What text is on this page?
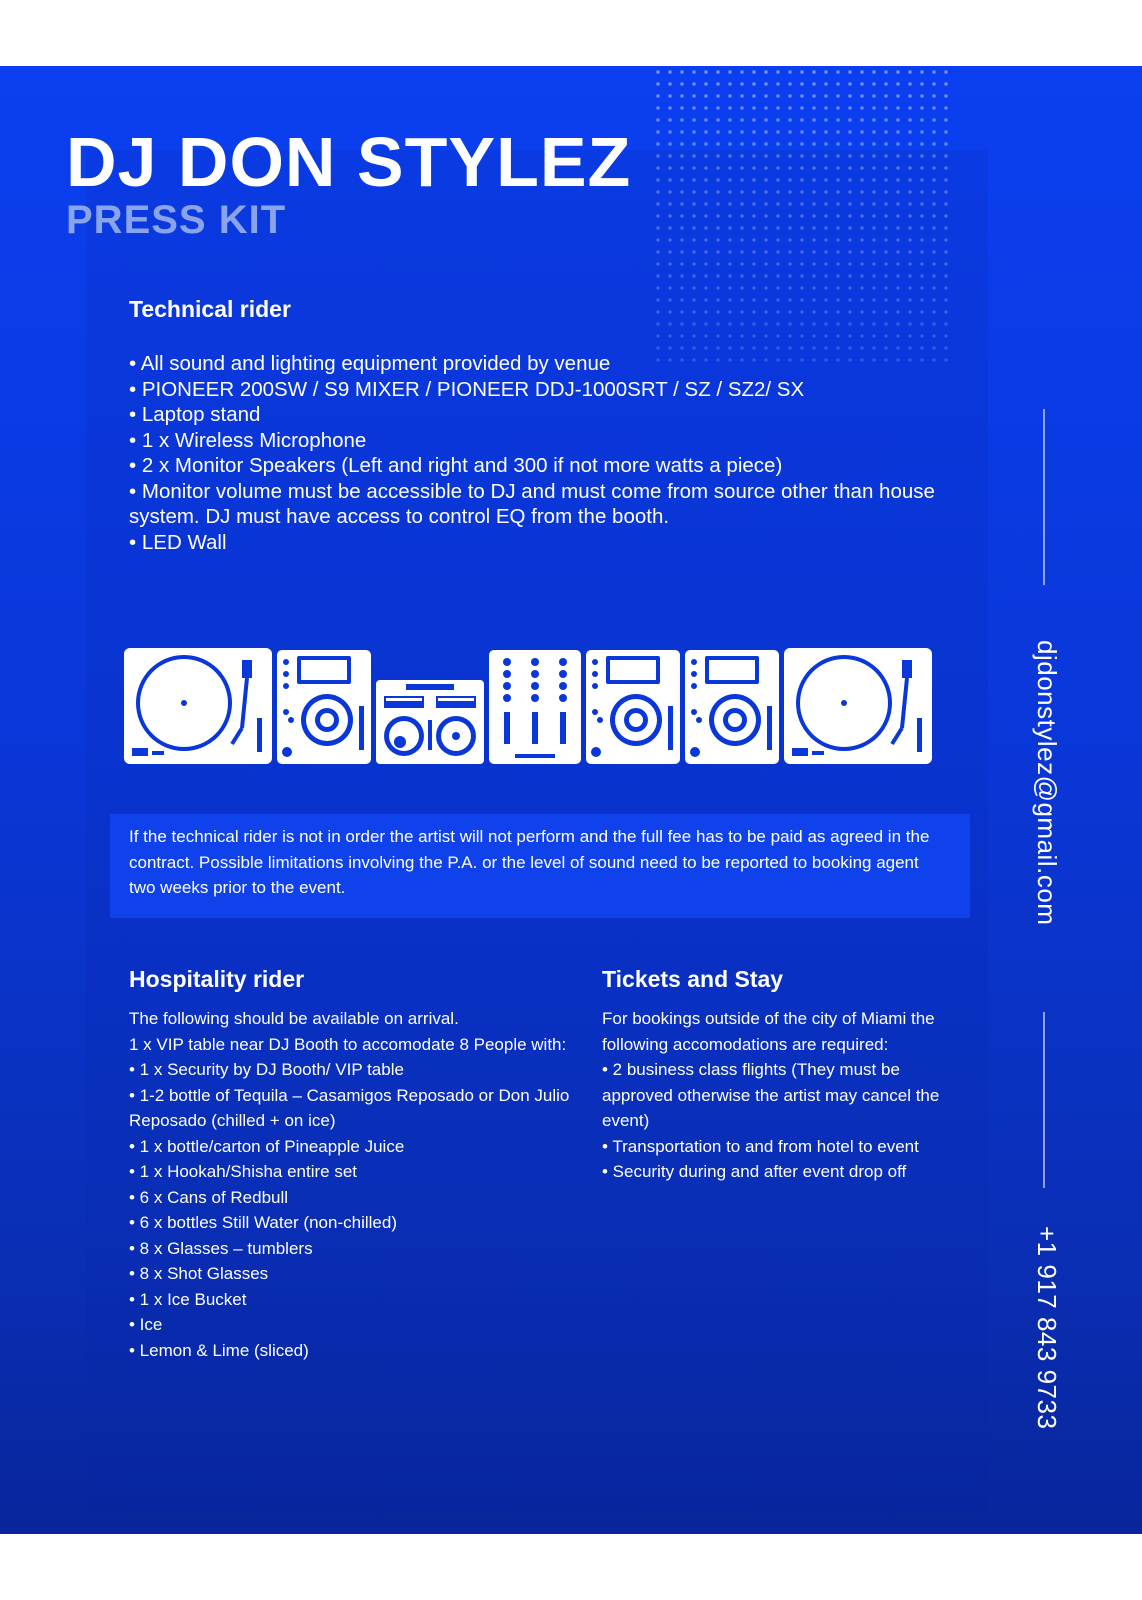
DJ DON STYLEZ
PRESS KIT
Technical rider
• All sound and lighting equipment provided by venue
• PIONEER 200SW / S9 MIXER / PIONEER DDJ-1000SRT / SZ / SZ2/ SX
• Laptop stand
• 1 x Wireless Microphone
• 2 x Monitor Speakers (Left and right and 300 if not more watts a piece)
• Monitor volume must be accessible to DJ and must come from source other than house system. DJ must have access to control EQ from the booth.
• LED Wall

If the technical rider is not in order the artist will not perform and the full fee has to be paid as agreed in the contract. Possible limitations involving the P.A. or the level of sound need to be reported to booking agent two weeks prior to the event.

Hospitality rider
The following should be available on arrival.
1 x VIP table near DJ Booth to accomodate 8 People with:
• 1 x Security by DJ Booth/ VIP table
• 1-2 bottle of Tequila – Casamigos Reposado or Don Julio Reposado (chilled + on ice)
• 1 x bottle/carton of Pineapple Juice
• 1 x Hookah/Shisha entire set
• 6 x Cans of Redbull
• 6 x bottles Still Water (non-chilled)
• 8 x Glasses – tumblers
• 8 x Shot Glasses
• 1 x Ice Bucket
• Ice
• Lemon & Lime (sliced)
Tickets and Stay
For bookings outside of the city of Miami the following accomodations are required:
• 2 business class flights (They must be approved otherwise the artist may cancel the event)
• Transportation to and from hotel to event
• Security during and after event drop off
djdonstylez@gmail.com
+1 917 843 9733
